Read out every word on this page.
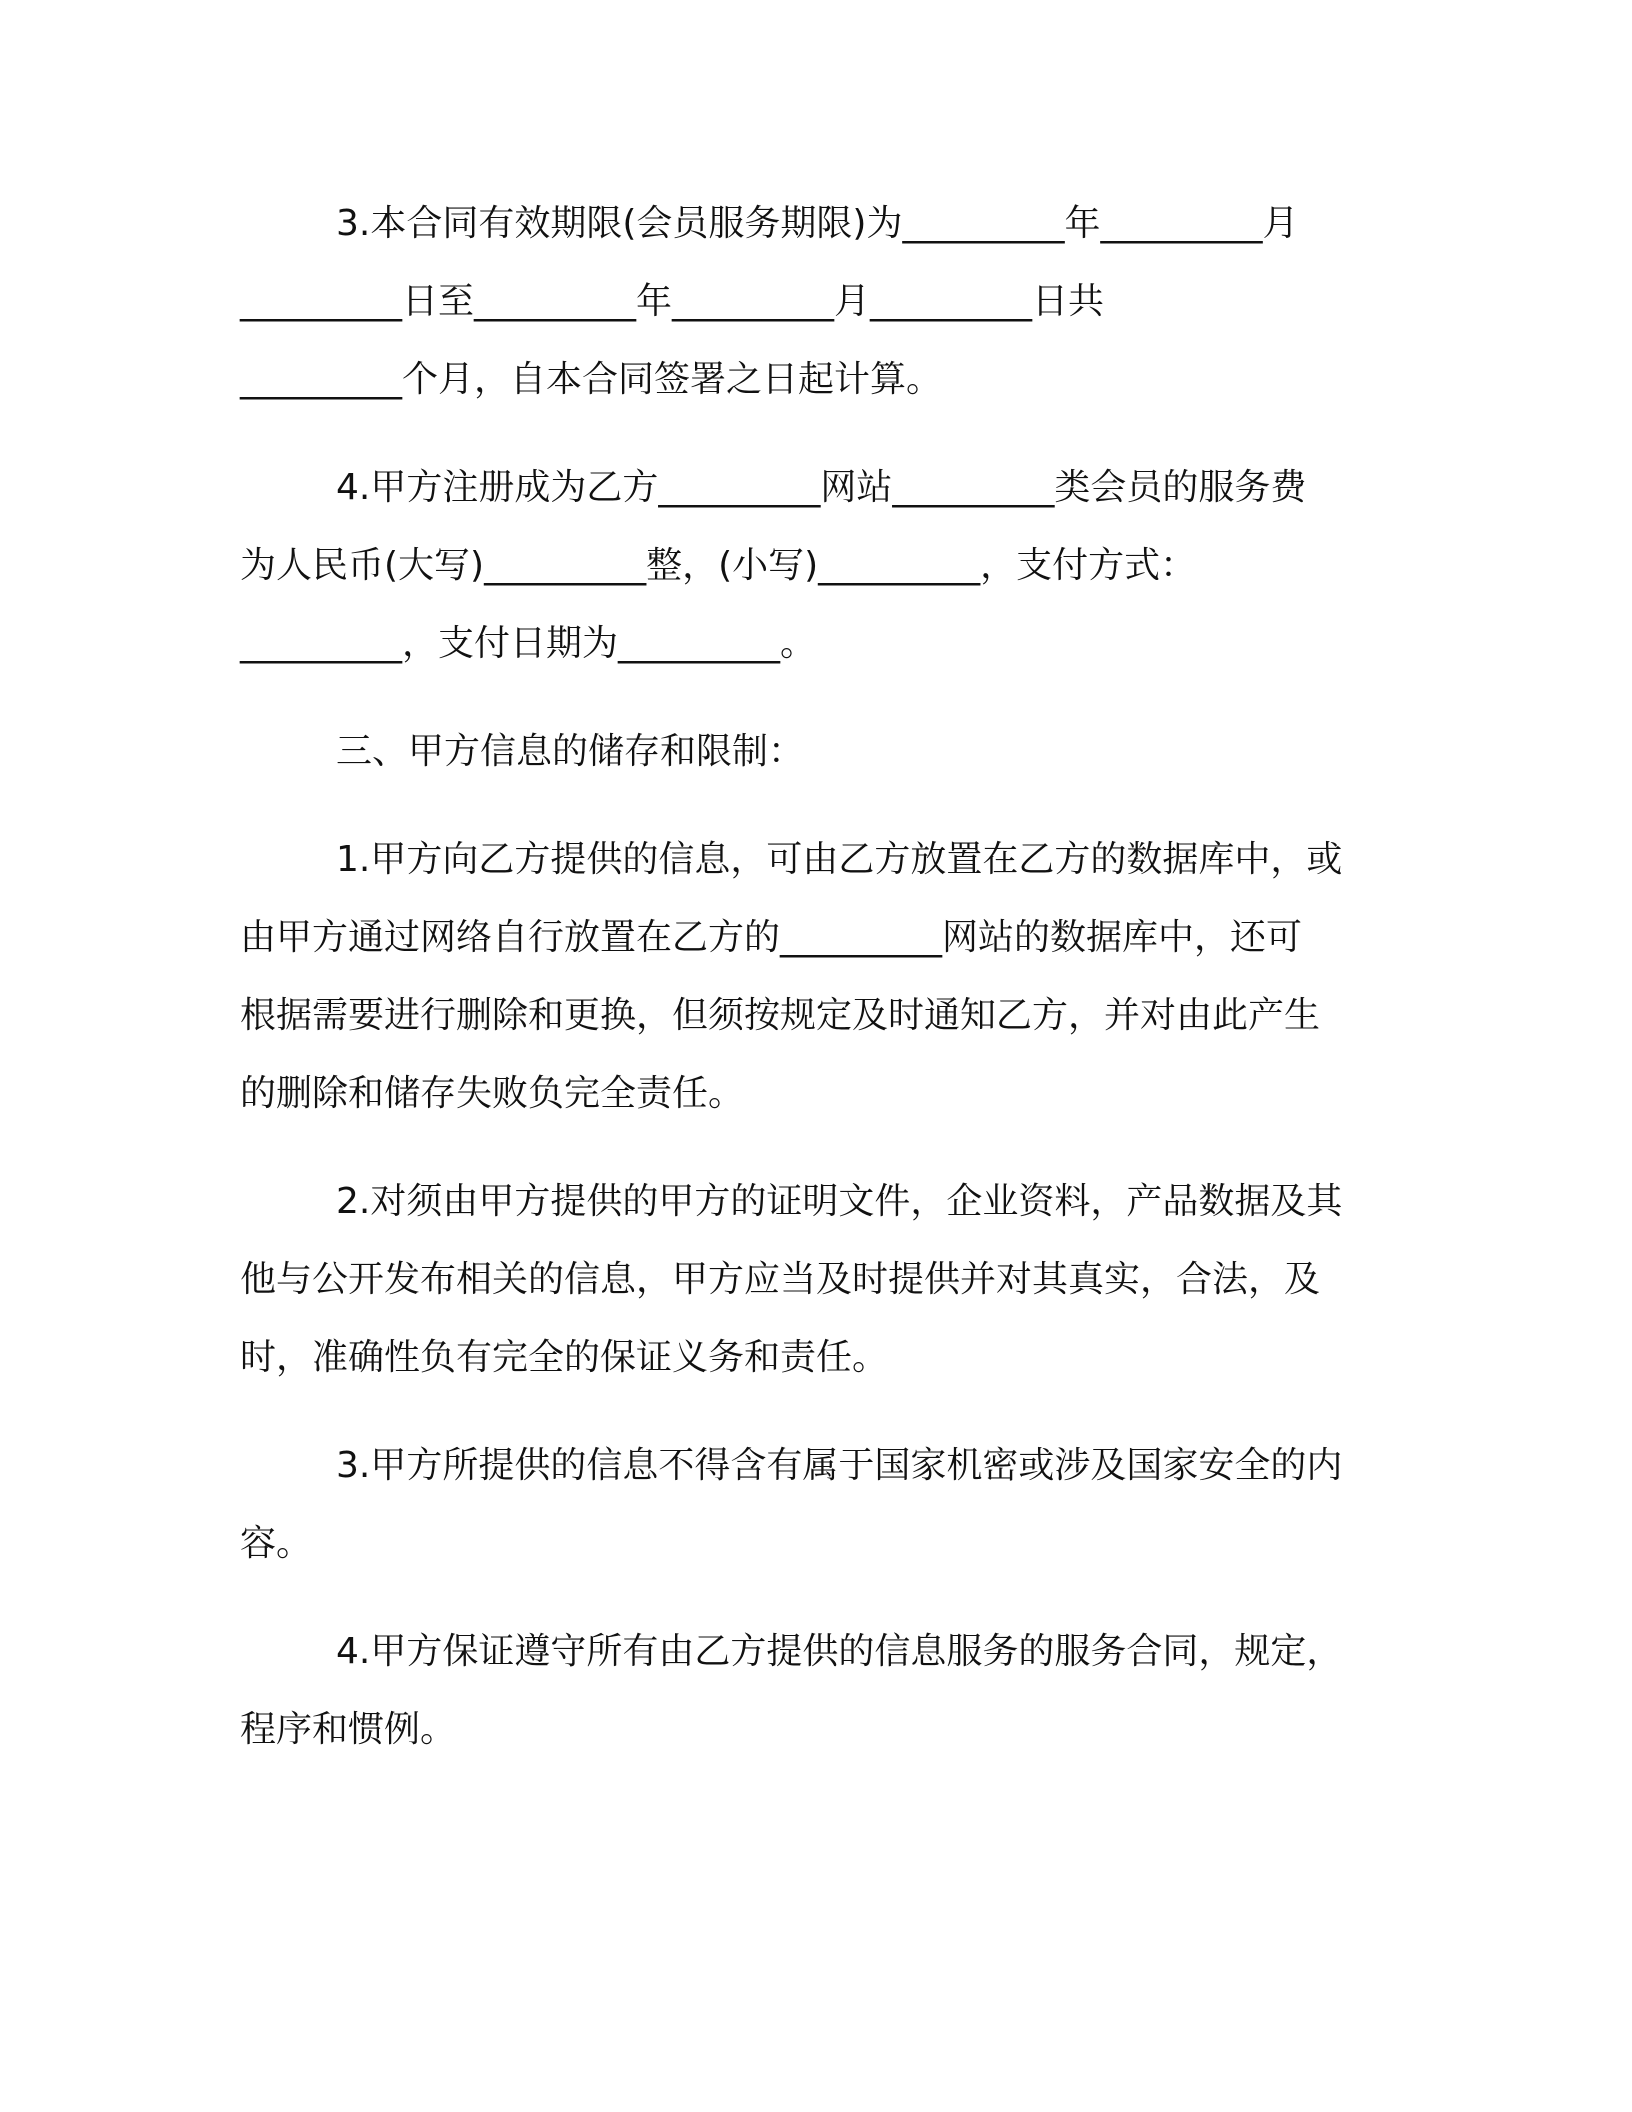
3.本合同有效期限(会员服务期限)为_________年_________月
_________日至_________年_________月_________日共
_________个月，自本合同签署之日起计算。
4.甲方注册成为乙方_________网站_________类会员的服务费
为人民币(大写)_________整，(小写)_________，支付方式：
_________，支付日期为_________。
三、甲方信息的储存和限制：
1.甲方向乙方提供的信息，可由乙方放置在乙方的数据库中，或
由甲方通过网络自行放置在乙方的_________网站的数据库中，还可
根据需要进行删除和更换，但须按规定及时通知乙方，并对由此产生
的删除和储存失败负完全责任。
2.对须由甲方提供的甲方的证明文件，企业资料，产品数据及其
他与公开发布相关的信息，甲方应当及时提供并对其真实，合法，及
时，准确性负有完全的保证义务和责任。
3.甲方所提供的信息不得含有属于国家机密或涉及国家安全的内
容。
4.甲方保证遵守所有由乙方提供的信息服务的服务合同，规定，
程序和惯例。
